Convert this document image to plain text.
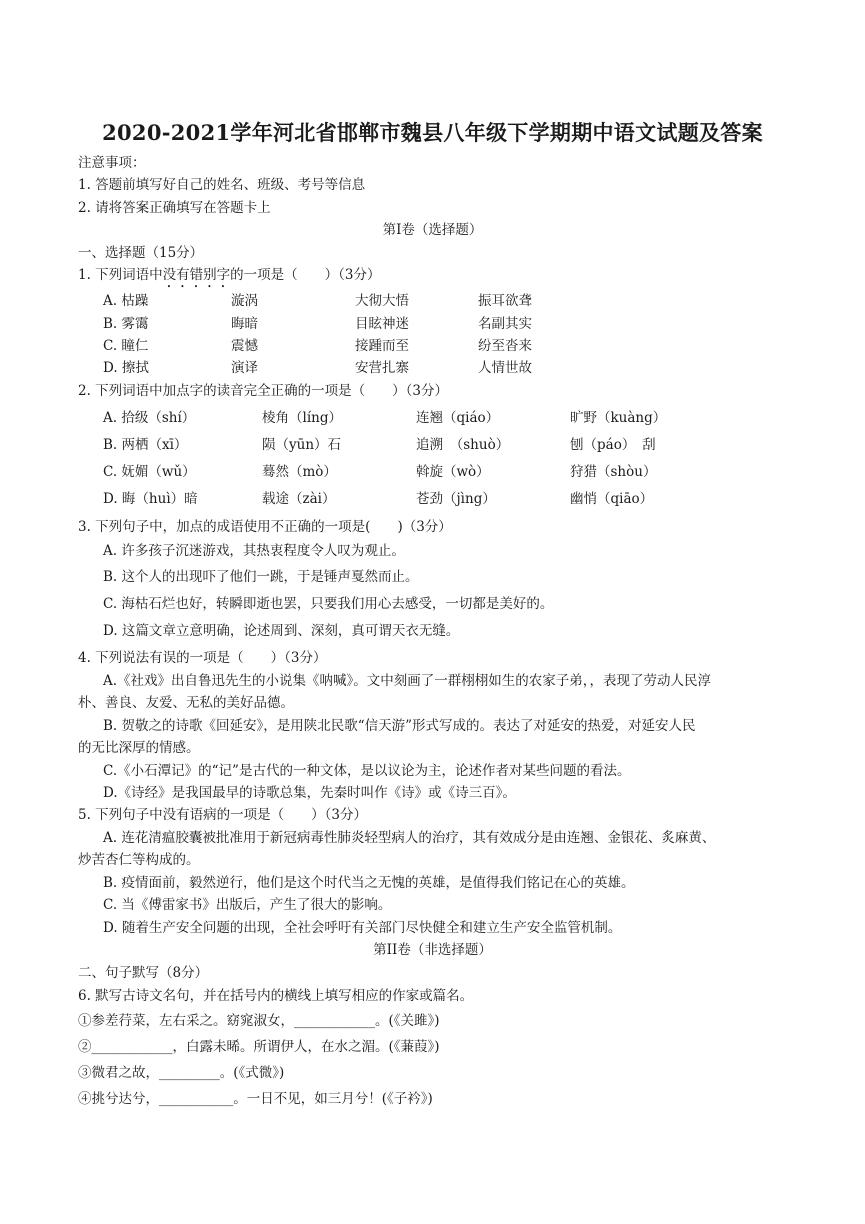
2020-2021学年河北省邯郸市魏县八年级下学期期中语文试题及答案
注意事项：
1. 答题前填写好自己的姓名、班级、考号等信息
2. 请将答案正确填写在答题卡上
第I卷（选择题）
一、选择题（15分）
1. 下列词语中没有错别字的一项是（　　）（3分）
A. 枯躁	漩涡	大彻大悟	振耳欲聋
B. 雾霭	晦暗	目眩神迷	名副其实
C. 瞳仁	震憾	接踵而至	纷至沓来
D. 擦拭	演译	安营扎寨	人情世故
2. 下列词语中加点字的读音完全正确的一项是（　　）（3分）
A. 拾级（shí）	棱角（líng）	连翘（qiáo）	旷野（kuàng）
B. 两栖（xī）	陨（yūn）石	追溯　（shuò）	刨（páo）　刮
C. 妩媚（wǔ）	蓦然（mò）	斡旋（wò）	狩猎（shòu）
D. 晦（huì）暗	载途（zài）	苍劲（jìng）	幽悄（qiāo）
3. 下列句子中，加点的成语使用不正确的一项是(　　)（3分）
A. 许多孩子沉迷游戏，其热衷程度令人叹为观止。
B. 这个人的出现吓了他们一跳，于是锤声戛然而止。
C. 海枯石烂也好，转瞬即逝也罢，只要我们用心去感受，一切都是美好的。
D. 这篇文章立意明确，论述周到、深刻，真可谓天衣无缝。
4. 下列说法有误的一项是（　　）（3分）
A.《社戏》出自鲁迅先生的小说集《呐喊》。文中刻画了一群栩栩如生的农家子弟，，表现了劳动人民淳
朴、善良、友爱、无私的美好品德。
B. 贺敬之的诗歌《回延安》，是用陕北民歌“信天游”形式写成的。表达了对延安的热爱，对延安人民
的无比深厚的情感。
C.《小石潭记》的“记”是古代的一种文体，是以议论为主，论述作者对某些问题的看法。
D.《诗经》是我国最早的诗歌总集，先秦时叫作《诗》或《诗三百》。
5. 下列句子中没有语病的一项是（　　）（3分）
A. 连花清瘟胶囊被批准用于新冠病毒性肺炎轻型病人的治疗，其有效成分是由连翘、金银花、炙麻黄、
炒苦杏仁等构成的。
B. 疫情面前，毅然逆行，他们是这个时代当之无愧的英雄，是值得我们铭记在心的英雄。
C. 当《傅雷家书》出版后，产生了很大的影响。
D. 随着生产安全问题的出现，全社会呼吁有关部门尽快健全和建立生产安全监管机制。
第II卷（非选择题）
二、句子默写（8分）
6. 默写古诗文名句，并在括号内的横线上填写相应的作家或篇名。
①参差荇菜，左右采之。窈窕淑女，____________。(《关雎》)
②____________，白露未晞。所谓伊人，在水之湄。(《蒹葭》)
③微君之故，_________。(《式微》)
④挑兮达兮，___________。一日不见，如三月兮！(《子衿》)
